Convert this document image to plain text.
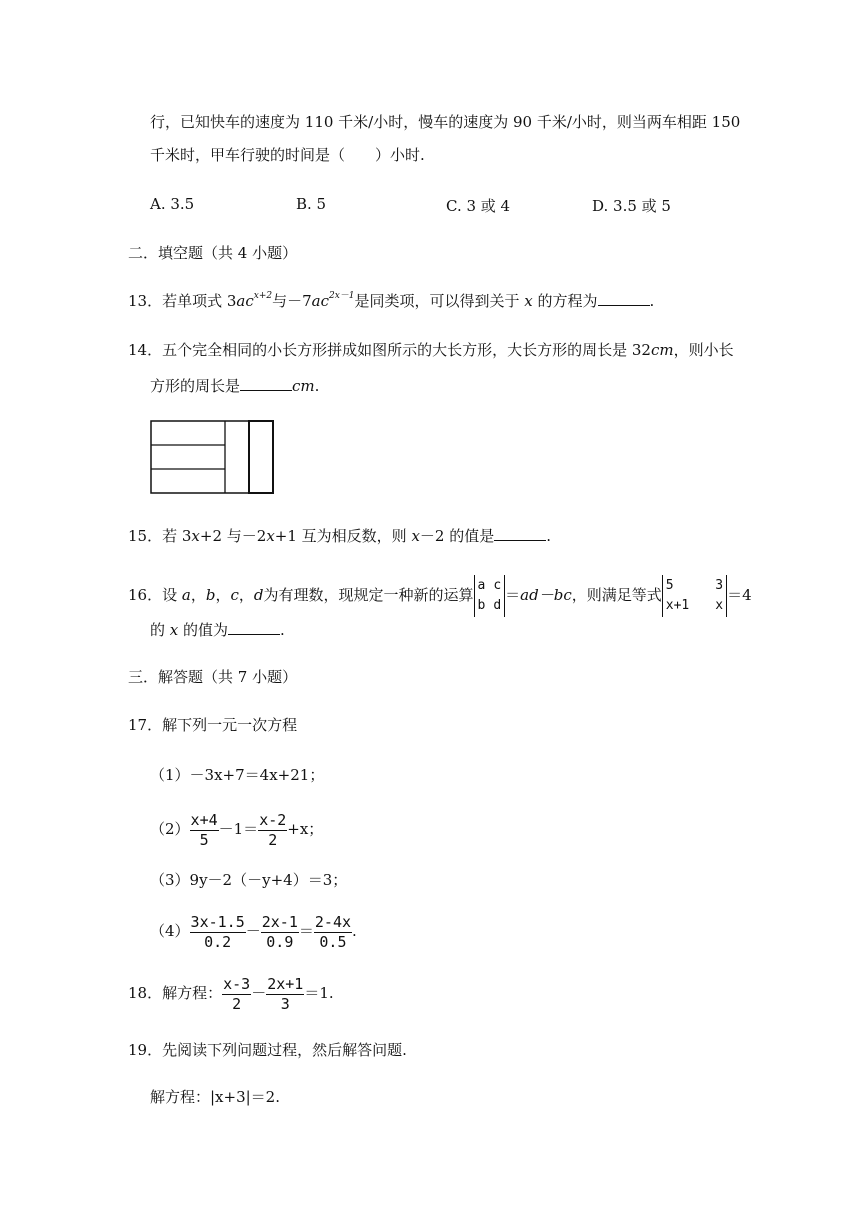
行，已知快车的速度为 110 千米/小时，慢车的速度为 90 千米/小时，则当两车相距 150
千米时，甲车行驶的时间是（　　）小时.
A. 3.5	B. 5	C. 3 或 4	D. 3.5 或 5
二．填空题（共 4 小题）
13．若单项式 $3ac^{x+2}$与$-7ac^{2x-1}$是同类项，可以得到关于 x 的方程为	.
14．五个完全相同的小长方形拼成如图所示的大长方形，大长方形的周长是 32cm，则小长
方形的周长是	cm.
15．若 3x+2 与－2x+1 互为相反数，则 x－2 的值是	.
16．设 a，b，c，d为有理数，现规定一种新的运算
a c
b d
＝ad－bc，则满足等式
5	3
x+1 x
＝4
的 x 的值为	.
三．解答题（共 7 小题）
17．解下列一元一次方程
（1）－3x+7＝4x+21；
$(2) \frac{x+4}{5} -1= \frac{x-2}{2} +x$；
（3）9y－2（－y+4）＝3；
$(4) \frac{3x-1.5}{0.2} - \frac{2x-1}{0.9} = \frac{2-4x}{0.5}$ .
18．解方程： $\frac{x-3}{2} - \frac{2x+1}{3} =1$.
19．先阅读下列问题过程，然后解答问题.
解方程：|x+3|＝2.
